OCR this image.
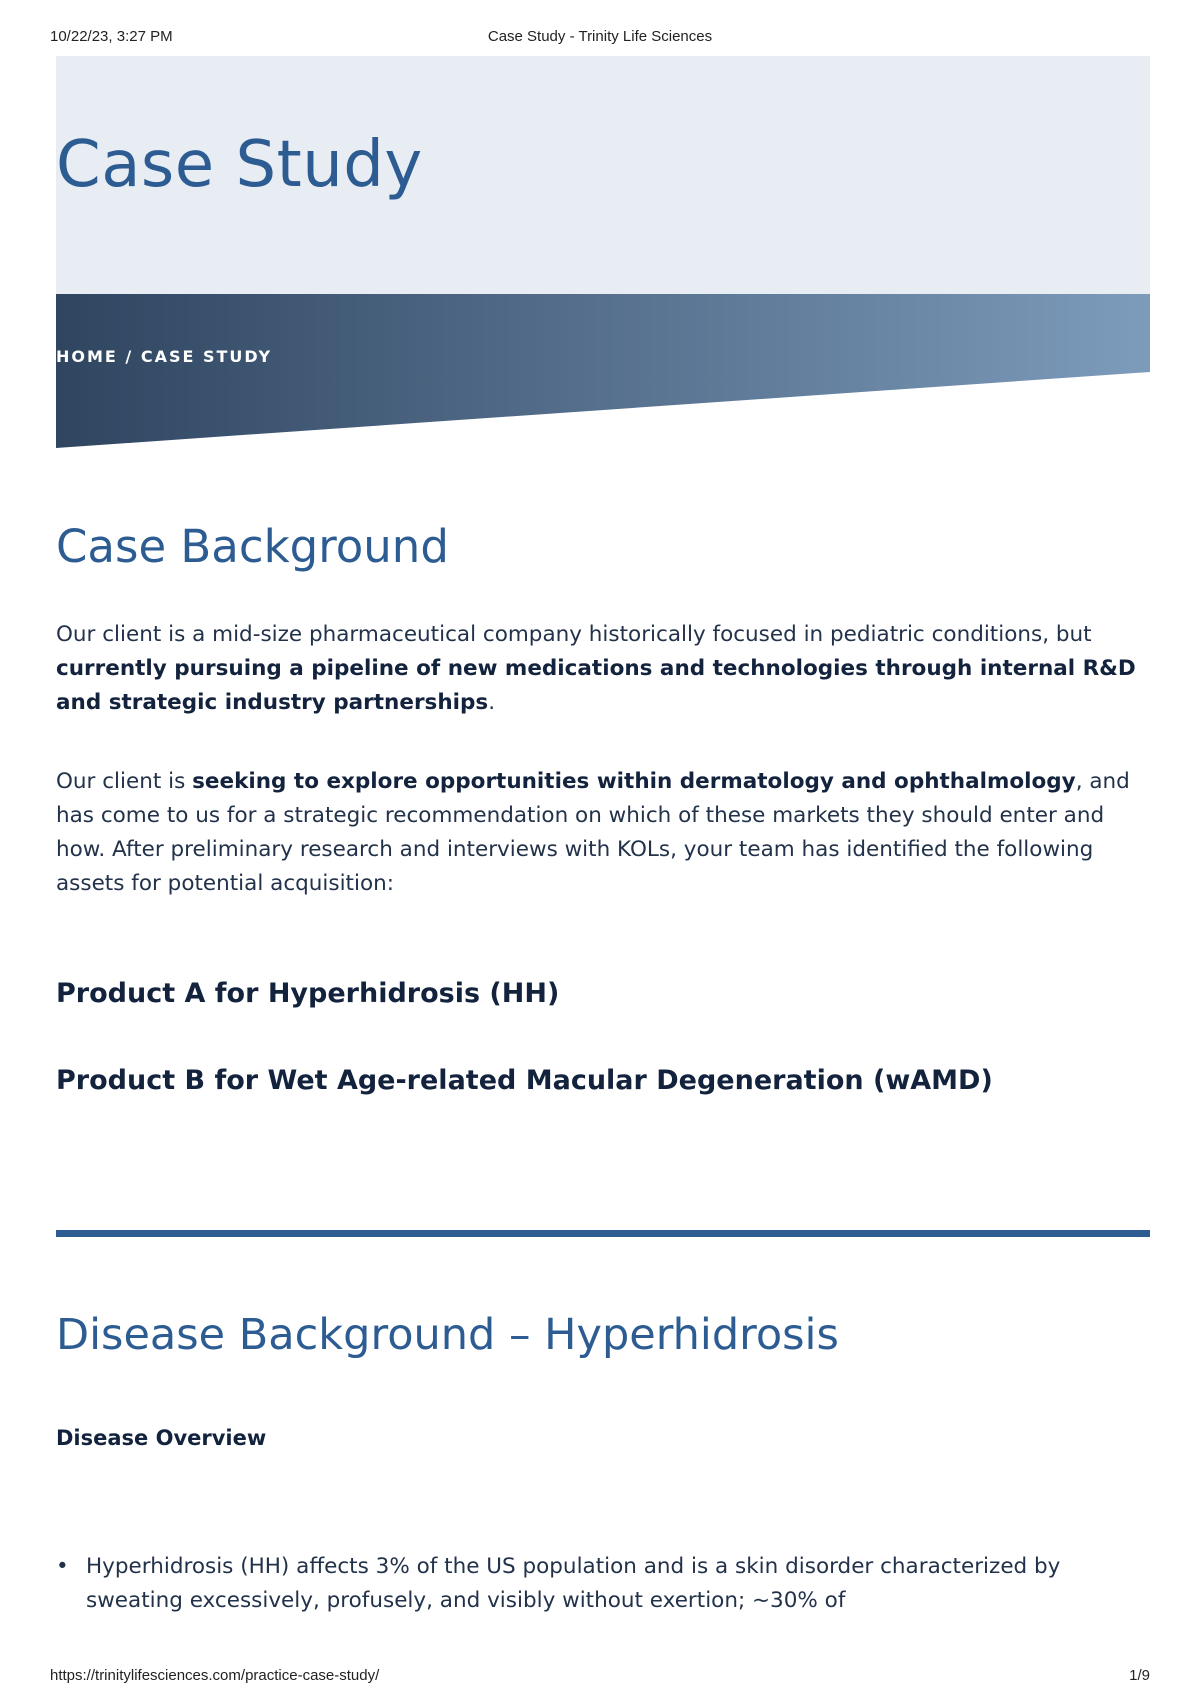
10/22/23, 3:27 PM	Case Study - Trinity Life Sciences
Case Study
HOME / CASE STUDY
Case Background

Our client is a mid-size pharmaceutical company historically focused in pediatric conditions, but currently pursuing a pipeline of new medications and technologies through internal R&D and strategic industry partnerships.

Our client is seeking to explore opportunities within dermatology and ophthalmology, and has come to us for a strategic recommendation on which of these markets they should enter and how. After preliminary research and interviews with KOLs, your team has identified the following assets for potential acquisition:

Product A for Hyperhidrosis (HH)

Product B for Wet Age-related Macular Degeneration (wAMD)

Disease Background – Hyperhidrosis

Disease Overview

• Hyperhidrosis (HH) affects 3% of the US population and is a skin disorder characterized by sweating excessively, profusely, and visibly without exertion; ~30% of
https://trinitylifesciences.com/practice-case-study/	1/9
